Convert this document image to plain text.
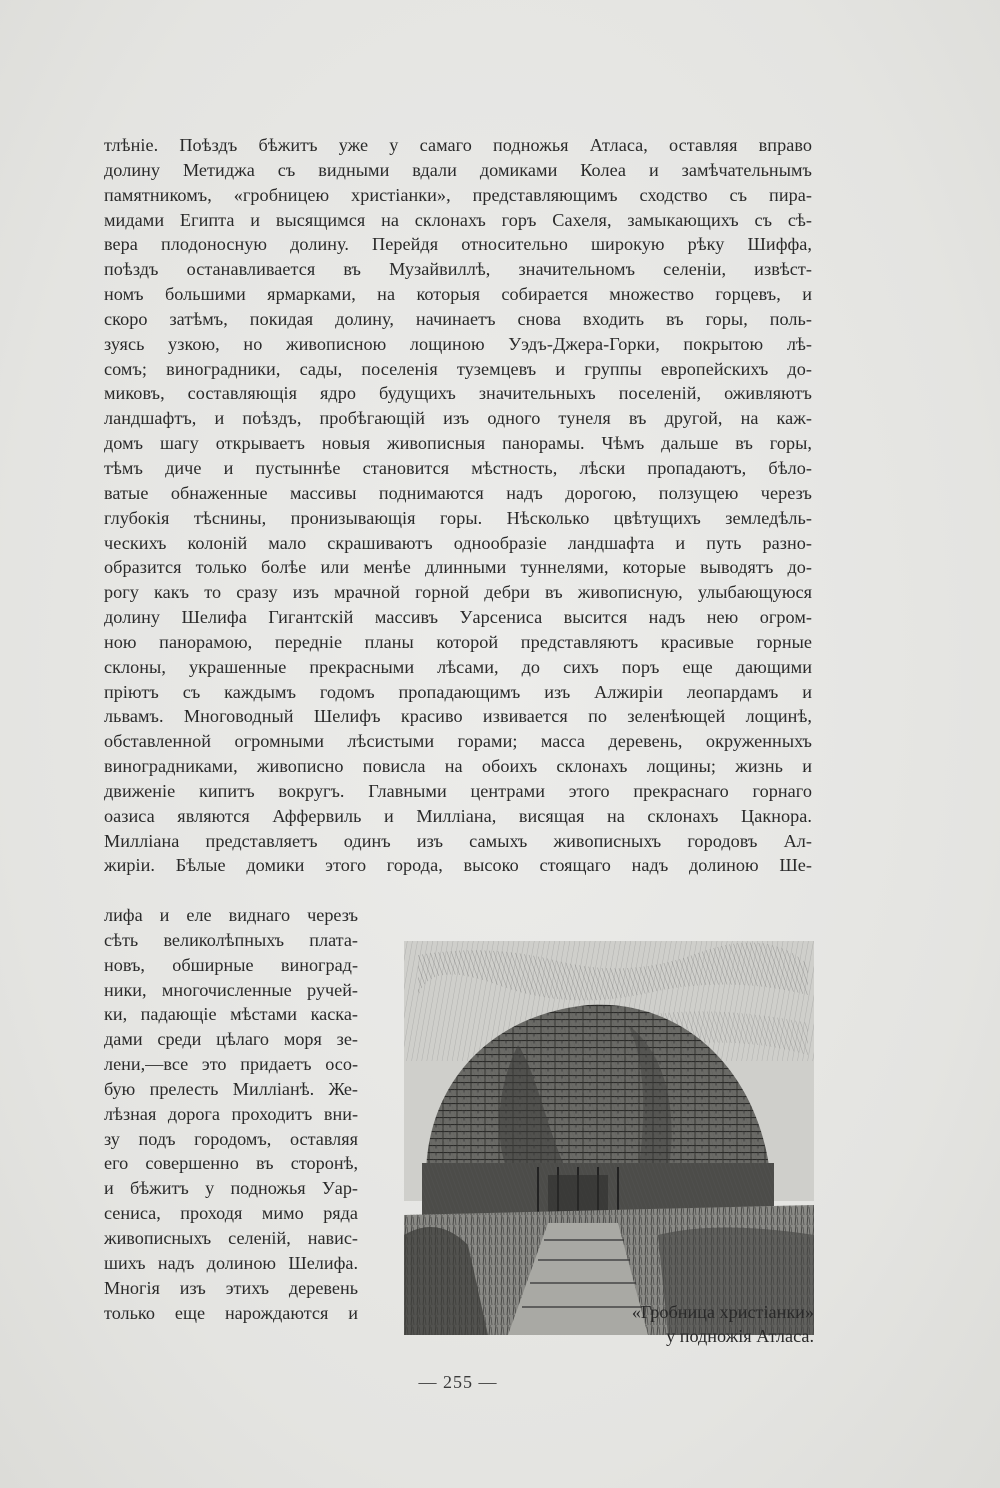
тлѣніе. Поѣздъ бѣжитъ уже у самаго подножья Атласа, оставляя вправо
долину Метиджа съ видными вдали домиками Колеа и замѣчательнымъ
памятникомъ, «гробницею христіанки», представляющимъ сходство съ пира-
мидами Египта и высящимся на склонахъ горъ Сахеля, замыкающихъ съ сѣ-
вера плодоносную долину. Перейдя относительно широкую рѣку Шиффа,
поѣздъ останавливается въ Музайвиллѣ, значительномъ селеніи, извѣст-
номъ большими ярмарками, на которыя собирается множество горцевъ, и
скоро затѣмъ, покидая долину, начинаетъ снова входить въ горы, поль-
зуясь узкою, но живописною лощиною Уэдъ-Джера-Горки, покрытою лѣ-
сомъ; виноградники, сады, поселенія туземцевъ и группы европейскихъ до-
миковъ, составляющія ядро будущихъ значительныхъ поселеній, оживляютъ
ландшафтъ, и поѣздъ, пробѣгающій изъ одного тунеля въ другой, на каж-
домъ шагу открываетъ новыя живописныя панорамы. Чѣмъ дальше въ горы,
тѣмъ диче и пустыннѣе становится мѣстность, лѣски пропадаютъ, бѣло-
ватые обнаженные массивы поднимаются надъ дорогою, ползущею черезъ
глубокія тѣснины, пронизывающія горы. Нѣсколько цвѣтущихъ земледѣль-
ческихъ колоній мало скрашиваютъ однообразіе ландшафта и путь разно-
образится только болѣе или менѣе длинными туннелями, которые выводятъ до-
рогу какъ то сразу изъ мрачной горной дебри въ живописную, улыбающуюся
долину Шелифа Гигантскій массивъ Уарсениса высится надъ нею огром-
ною панорамою, передніе планы которой представляютъ красивые горные
склоны, украшенные прекрасными лѣсами, до сихъ поръ еще дающими
пріютъ съ каждымъ годомъ пропадающимъ изъ Алжиріи леопардамъ и
львамъ. Многоводный Шелифъ красиво извивается по зеленѣющей лощинѣ,
обставленной огромными лѣсистыми горами; масса деревень, окруженныхъ
виноградниками, живописно повисла на обоихъ склонахъ лощины; жизнь и
движеніе кипитъ вокругъ. Главными центрами этого прекраснаго горнаго
оазиса являются Аффервиль и Милліана, висящая на склонахъ Цакнора.
Милліана представляетъ одинъ изъ самыхъ живописныхъ городовъ Ал-
жиріи. Бѣлые домики этого города, высоко стоящаго надъ долиною Ше-
лифа и еле виднаго черезъ
сѣть великолѣпныхъ плата-
новъ, обширные виноград-
ники, многочисленные ручей-
ки, падающіе мѣстами каска-
дами среди цѣлаго моря зе-
лени,—все это придаетъ осо-
бую прелесть Милліанѣ. Же-
лѣзная дорога проходитъ вни-
зу подъ городомъ, оставляя
его совершенно въ сторонѣ,
и бѣжитъ у подножья Уар-
сениса, проходя мимо ряда
живописныхъ селеній, навис-
шихъ надъ долиною Шелифа.
Многія изъ этихъ деревень
только еще нарождаются и	«Гробница христіанки»
у подножія Атласа.
— 255 —
